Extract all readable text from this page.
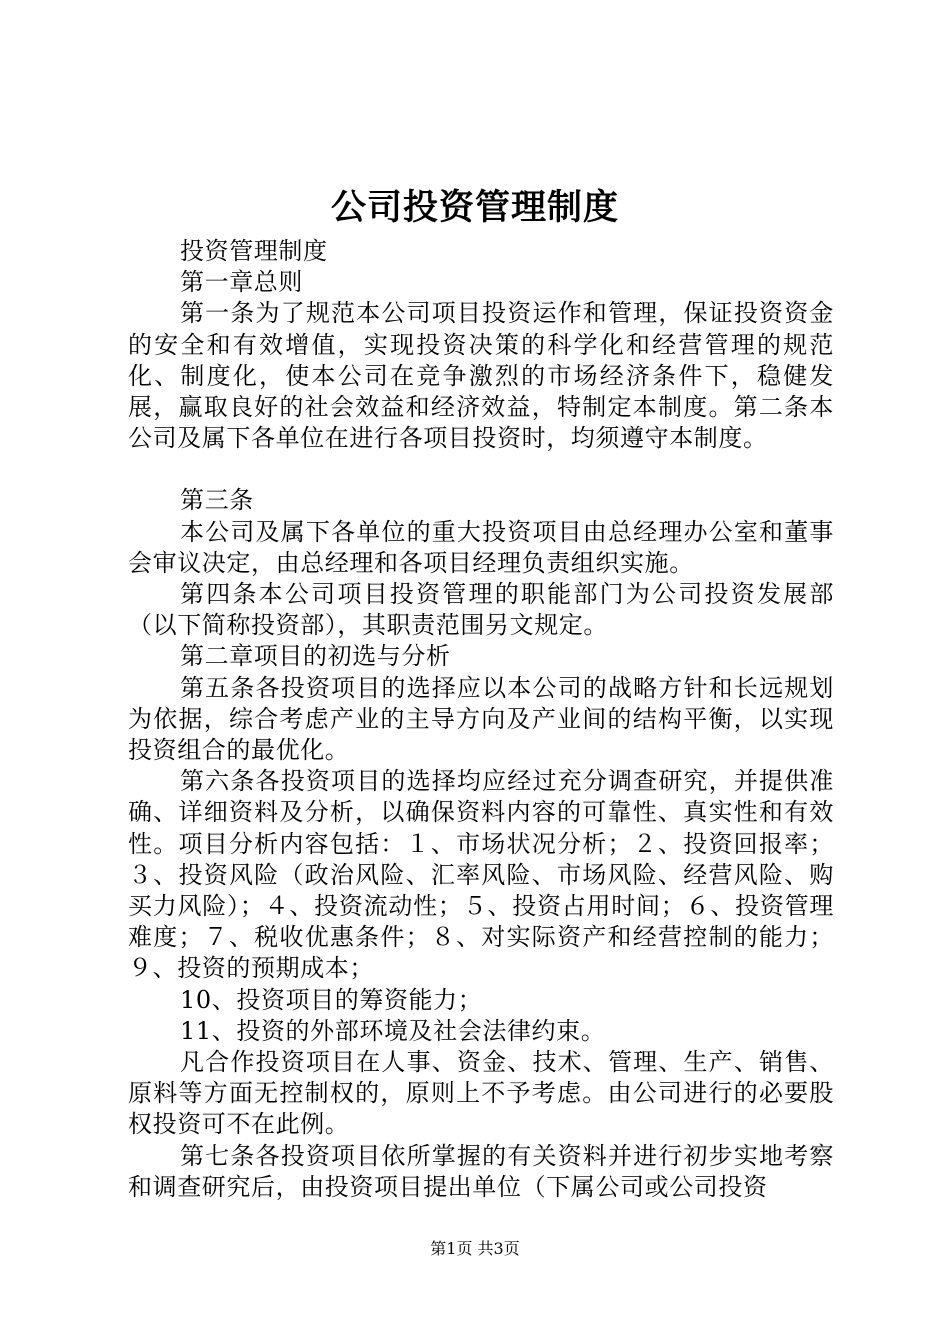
公司投资管理制度

投资管理制度

第一章总则

第一条为了规范本公司项目投资运作和管理，保证投资资金的安全和有效增值，实现投资决策的科学化和经营管理的规范化、制度化，使本公司在竞争激烈的市场经济条件下，稳健发展，赢取良好的社会效益和经济效益，特制定本制度。第二条本公司及属下各单位在进行各项目投资时，均须遵守本制度。

第三条

本公司及属下各单位的重大投资项目由总经理办公室和董事会审议决定，由总经理和各项目经理负责组织实施。

第四条本公司项目投资管理的职能部门为公司投资发展部（以下简称投资部），其职责范围另文规定。

第二章项目的初选与分析

第五条各投资项目的选择应以本公司的战略方针和长远规划为依据，综合考虑产业的主导方向及产业间的结构平衡，以实现投资组合的最优化。

第六条各投资项目的选择均应经过充分调查研究，并提供准确、详细资料及分析，以确保资料内容的可靠性、真实性和有效性。项目分析内容包括：１、市场状况分析；２、投资回报率；３、投资风险（政治风险、汇率风险、市场风险、经营风险、购买力风险）；４、投资流动性；５、投资占用时间；６、投资管理难度；７、税收优惠条件；８、对实际资产和经营控制的能力；９、投资的预期成本；

10、投资项目的筹资能力；

11、投资的外部环境及社会法律约束。

凡合作投资项目在人事、资金、技术、管理、生产、销售、原料等方面无控制权的，原则上不予考虑。由公司进行的必要股权投资可不在此例。

第七条各投资项目依所掌握的有关资料并进行初步实地考察和调查研究后，由投资项目提出单位（下属公司或公司投资

第1页 共3页
